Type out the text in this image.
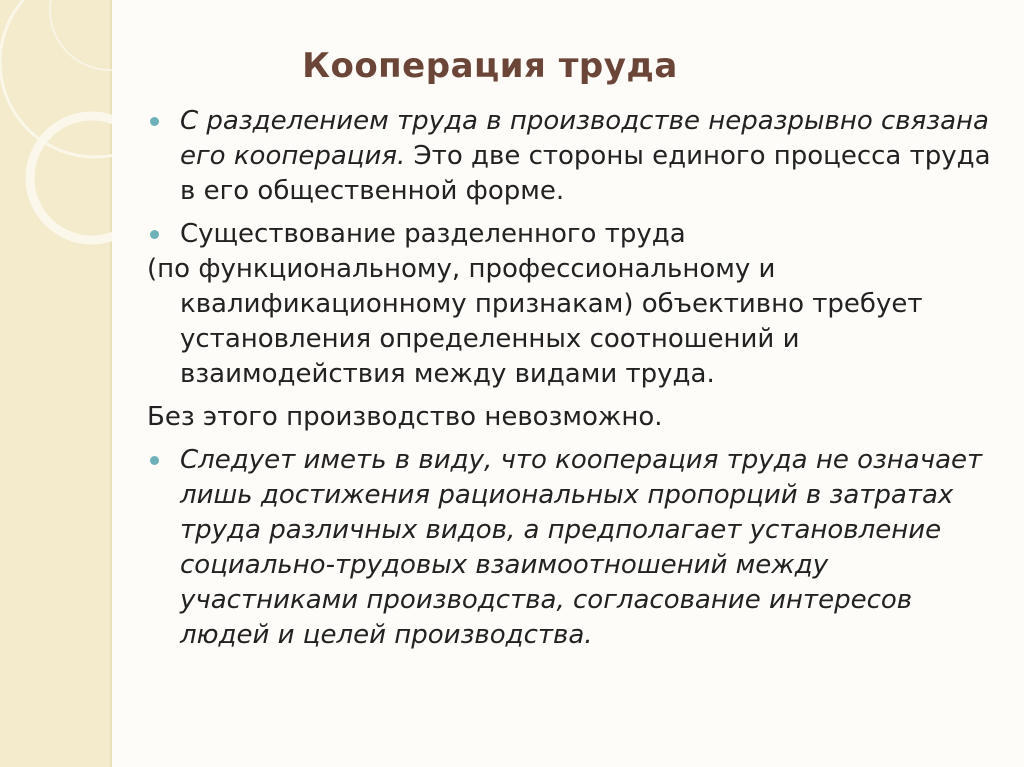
Кооперация труда

С разделением труда в производстве неразрывно связана его кооперация. Это две стороны единого процесса труда в его общественной форме.

Существование разделенного труда

(по функциональному, профессиональному и
квалификационному признакам) объективно требует установления определенных соотношений и взаимодействия между видами труда.

Без этого производство невозможно.

Следует иметь в виду, что кооперация труда не означает лишь достижения рациональных пропорций в затратах труда различных видов, а предполагает установление социально-трудовых взаимоотношений между участниками производства, согласование интересов людей и целей производства.
